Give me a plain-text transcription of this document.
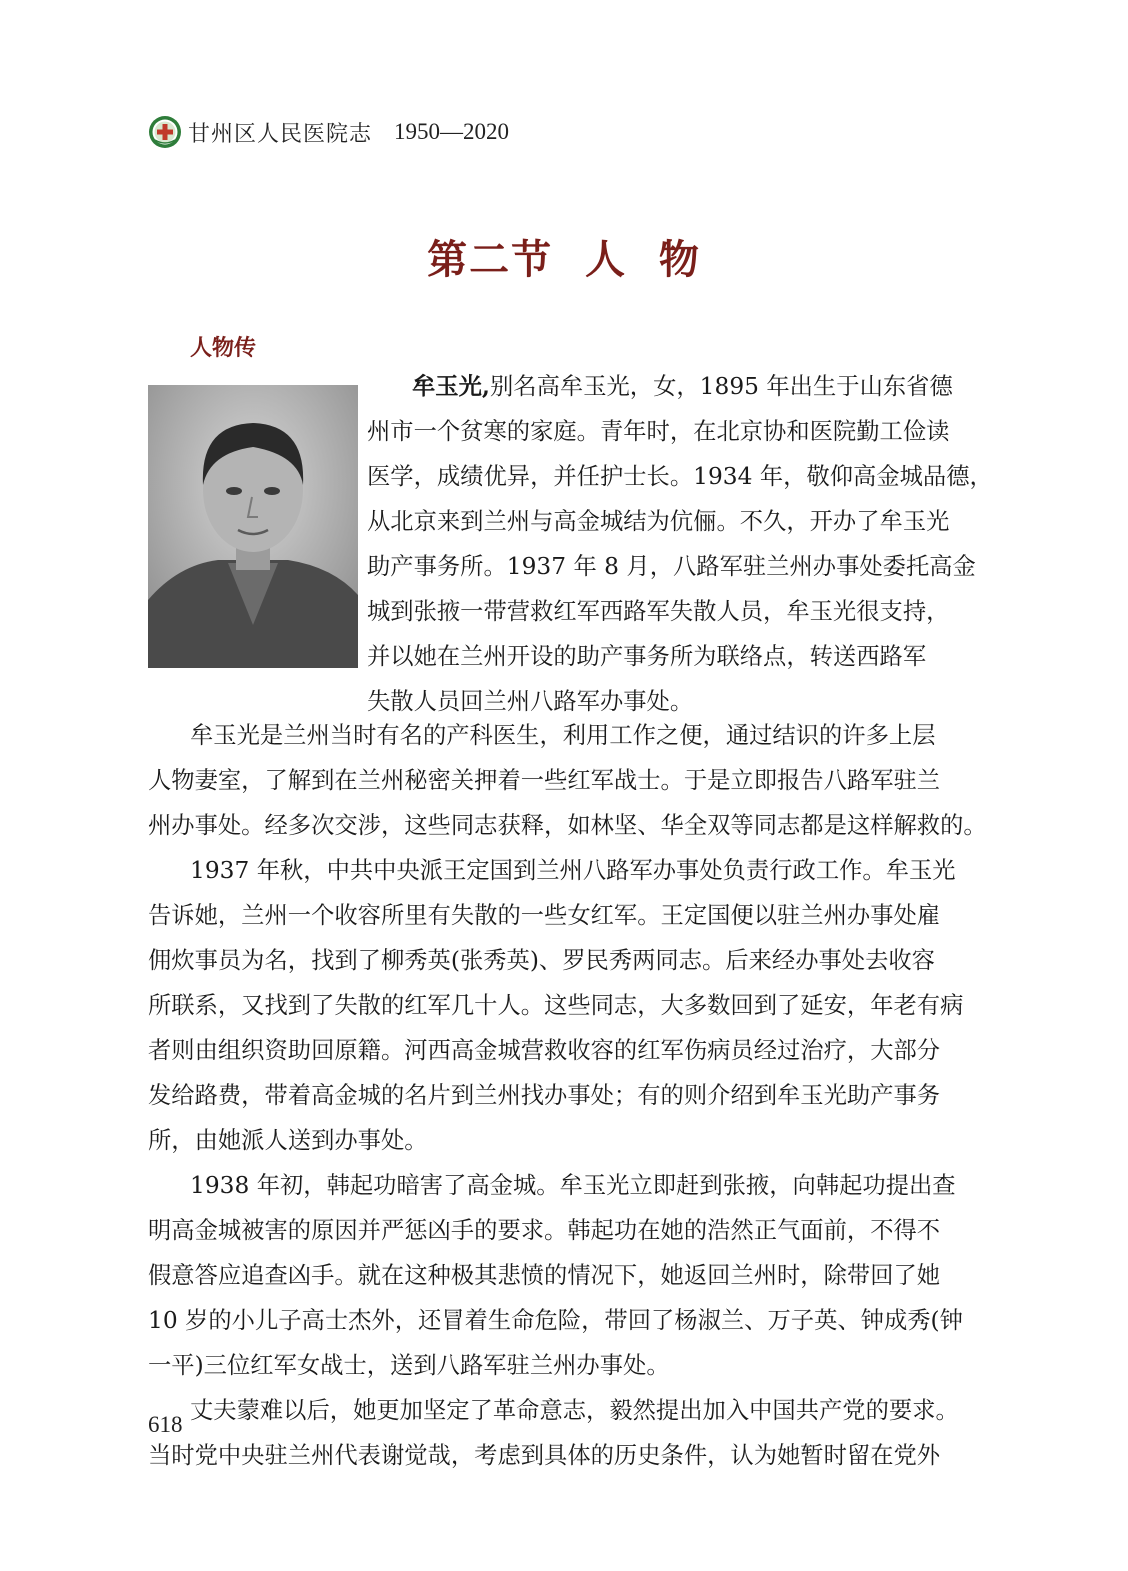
甘州区人民医院志 1950—2020
第二节  人  物
人物传
牟玉光,别名高牟玉光，女，1895 年出生于山东省德
州市一个贫寒的家庭。青年时，在北京协和医院勤工俭读
医学，成绩优异，并任护士长。1934 年，敬仰高金城品德，
从北京来到兰州与高金城结为伉俪。不久，开办了牟玉光
助产事务所。1937 年 8 月，八路军驻兰州办事处委托高金
城到张掖一带营救红军西路军失散人员，牟玉光很支持，
并以她在兰州开设的助产事务所为联络点，转送西路军
失散人员回兰州八路军办事处。
牟玉光是兰州当时有名的产科医生，利用工作之便，通过结识的许多上层
人物妻室，了解到在兰州秘密关押着一些红军战士。于是立即报告八路军驻兰
州办事处。经多次交涉，这些同志获释，如林坚、华全双等同志都是这样解救的。
1937 年秋，中共中央派王定国到兰州八路军办事处负责行政工作。牟玉光
告诉她，兰州一个收容所里有失散的一些女红军。王定国便以驻兰州办事处雇
佣炊事员为名，找到了柳秀英(张秀英)、罗民秀两同志。后来经办事处去收容
所联系，又找到了失散的红军几十人。这些同志，大多数回到了延安，年老有病
者则由组织资助回原籍。河西高金城营救收容的红军伤病员经过治疗，大部分
发给路费，带着高金城的名片到兰州找办事处；有的则介绍到牟玉光助产事务
所，由她派人送到办事处。
1938 年初，韩起功暗害了高金城。牟玉光立即赶到张掖，向韩起功提出查
明高金城被害的原因并严惩凶手的要求。韩起功在她的浩然正气面前，不得不
假意答应追查凶手。就在这种极其悲愤的情况下，她返回兰州时，除带回了她
10 岁的小儿子高士杰外，还冒着生命危险，带回了杨淑兰、万子英、钟成秀(钟
一平)三位红军女战士，送到八路军驻兰州办事处。
丈夫蒙难以后，她更加坚定了革命意志，毅然提出加入中国共产党的要求。
当时党中央驻兰州代表谢觉哉，考虑到具体的历史条件，认为她暂时留在党外
618
